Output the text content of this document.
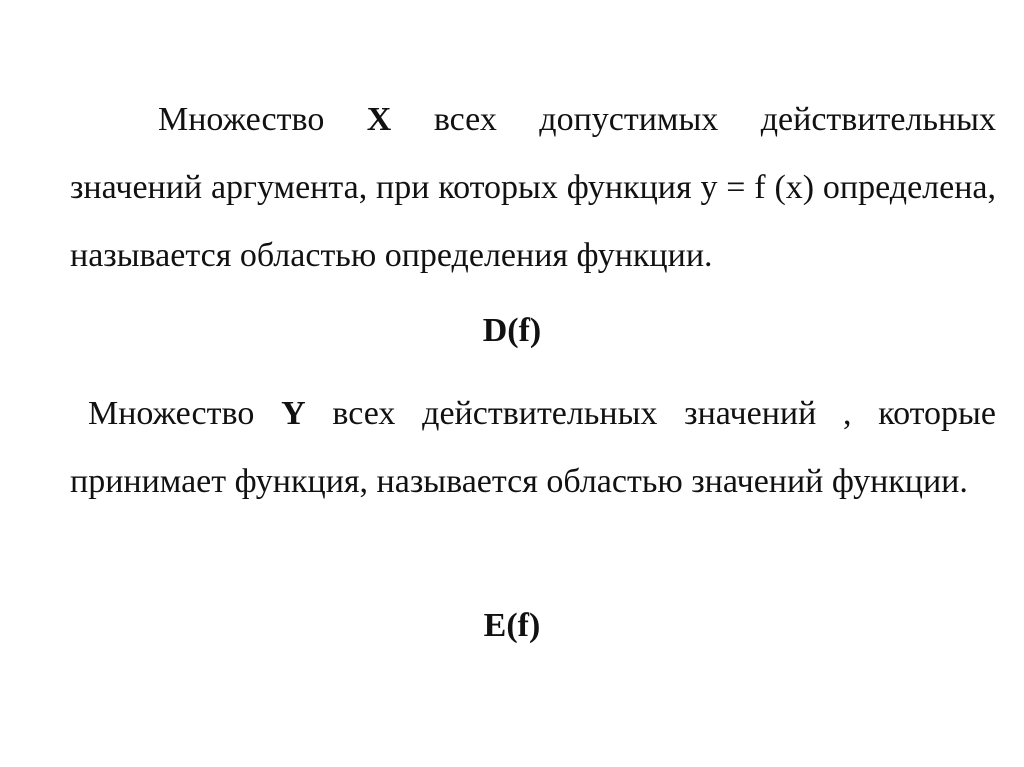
Множество X всех допустимых действительных значений аргумента, при которых функция у = f (x) определена, называется областью определения функции.

D(f)

Множество Y всех действительных значений , которые принимает функция, называется областью значений функции.

E(f)
